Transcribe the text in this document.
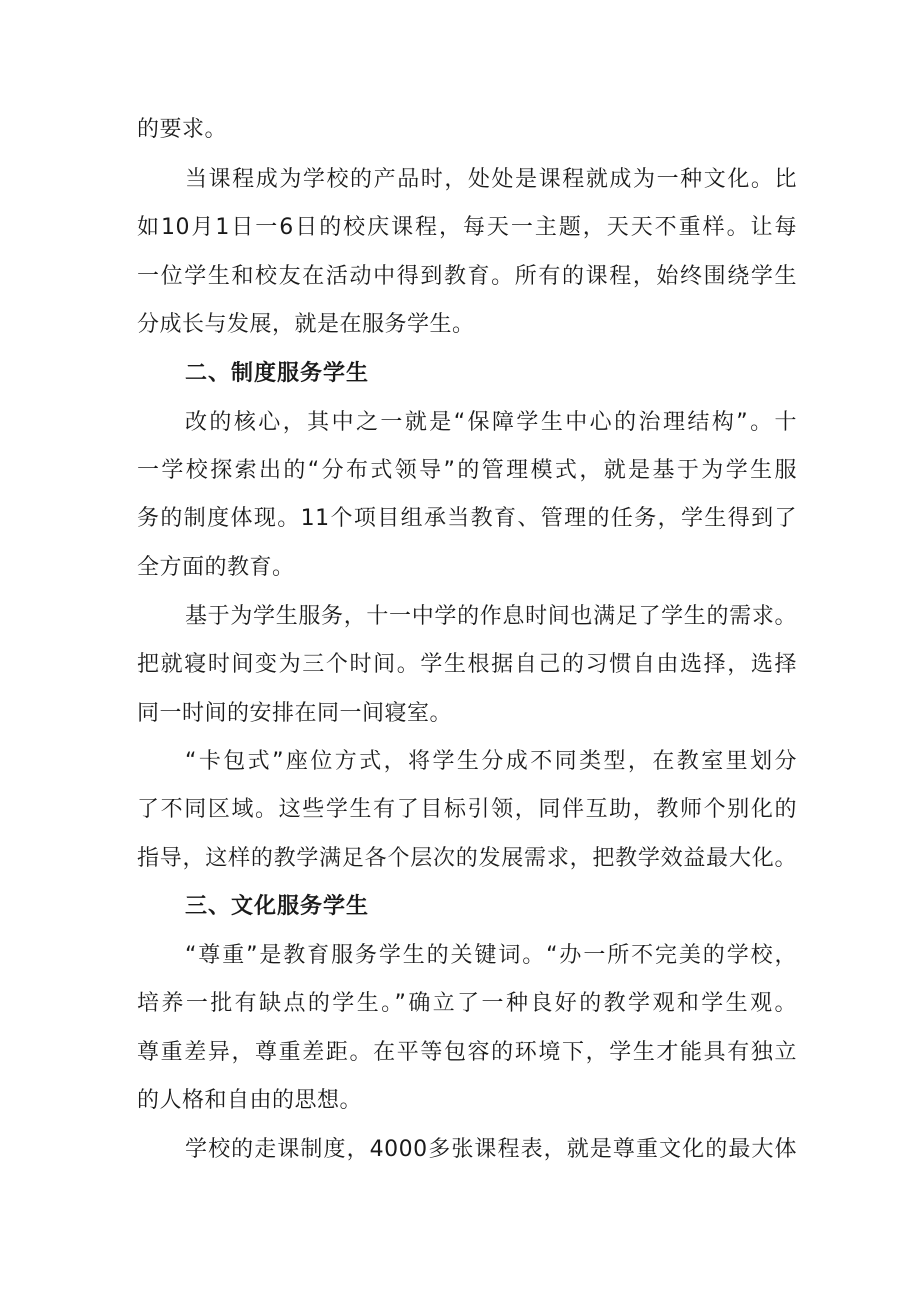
的要求。
当课程成为学校的产品时，处处是课程就成为一种文化。比
如10月1日一6日的校庆课程，每天一主题，天天不重样。让每
一位学生和校友在活动中得到教育。所有的课程，始终围绕学生
分成长与发展，就是在服务学生。
二、制度服务学生
改的核心，其中之一就是“保障学生中心的治理结构”。十
一学校探索出的“分布式领导”的管理模式，就是基于为学生服
务的制度体现。11个项目组承当教育、管理的任务，学生得到了
全方面的教育。
基于为学生服务，十一中学的作息时间也满足了学生的需求。
把就寝时间变为三个时间。学生根据自己的习惯自由选择，选择
同一时间的安排在同一间寝室。
“卡包式”座位方式，将学生分成不同类型，在教室里划分
了不同区域。这些学生有了目标引领，同伴互助，教师个别化的
指导，这样的教学满足各个层次的发展需求，把教学效益最大化。
三、文化服务学生
“尊重”是教育服务学生的关键词。“办一所不完美的学校，
培养一批有缺点的学生。”确立了一种良好的教学观和学生观。
尊重差异，尊重差距。在平等包容的环境下，学生才能具有独立
的人格和自由的思想。
学校的走课制度，4000多张课程表，就是尊重文化的最大体
